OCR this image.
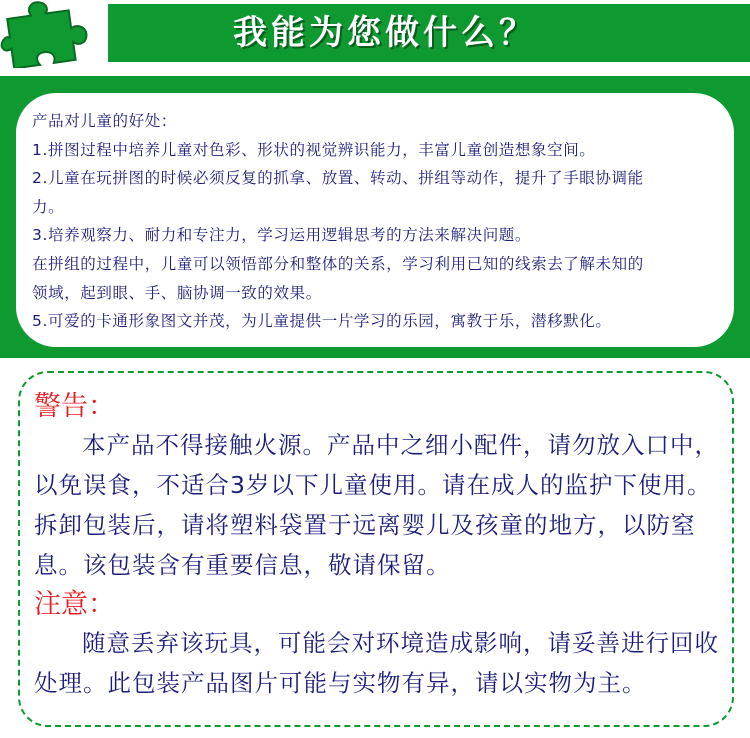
我能为您做什么？

产品对儿童的好处：

1.拼图过程中培养儿童对色彩、形状的视觉辨识能力，丰富儿童创造想象空间。

2.儿童在玩拼图的时候必须反复的抓拿、放置、转动、拼组等动作，提升了手眼协调能

力。

3.培养观察力、耐力和专注力，学习运用逻辑思考的方法来解决问题。

在拼组的过程中，儿童可以领悟部分和整体的关系，学习利用已知的线索去了解未知的

领域，起到眼、手、脑协调一致的效果。

5.可爱的卡通形象图文并茂，为儿童提供一片学习的乐园，寓教于乐，潜移默化。

警告：

本产品不得接触火源。产品中之细小配件，请勿放入口中，以免误食，不适合3岁以下儿童使用。请在成人的监护下使用。拆卸包装后，请将塑料袋置于远离婴儿及孩童的地方，以防窒息。该包装含有重要信息，敬请保留。

注意：

随意丢弃该玩具，可能会对环境造成影响，请妥善进行回收处理。此包装产品图片可能与实物有异，请以实物为主。
